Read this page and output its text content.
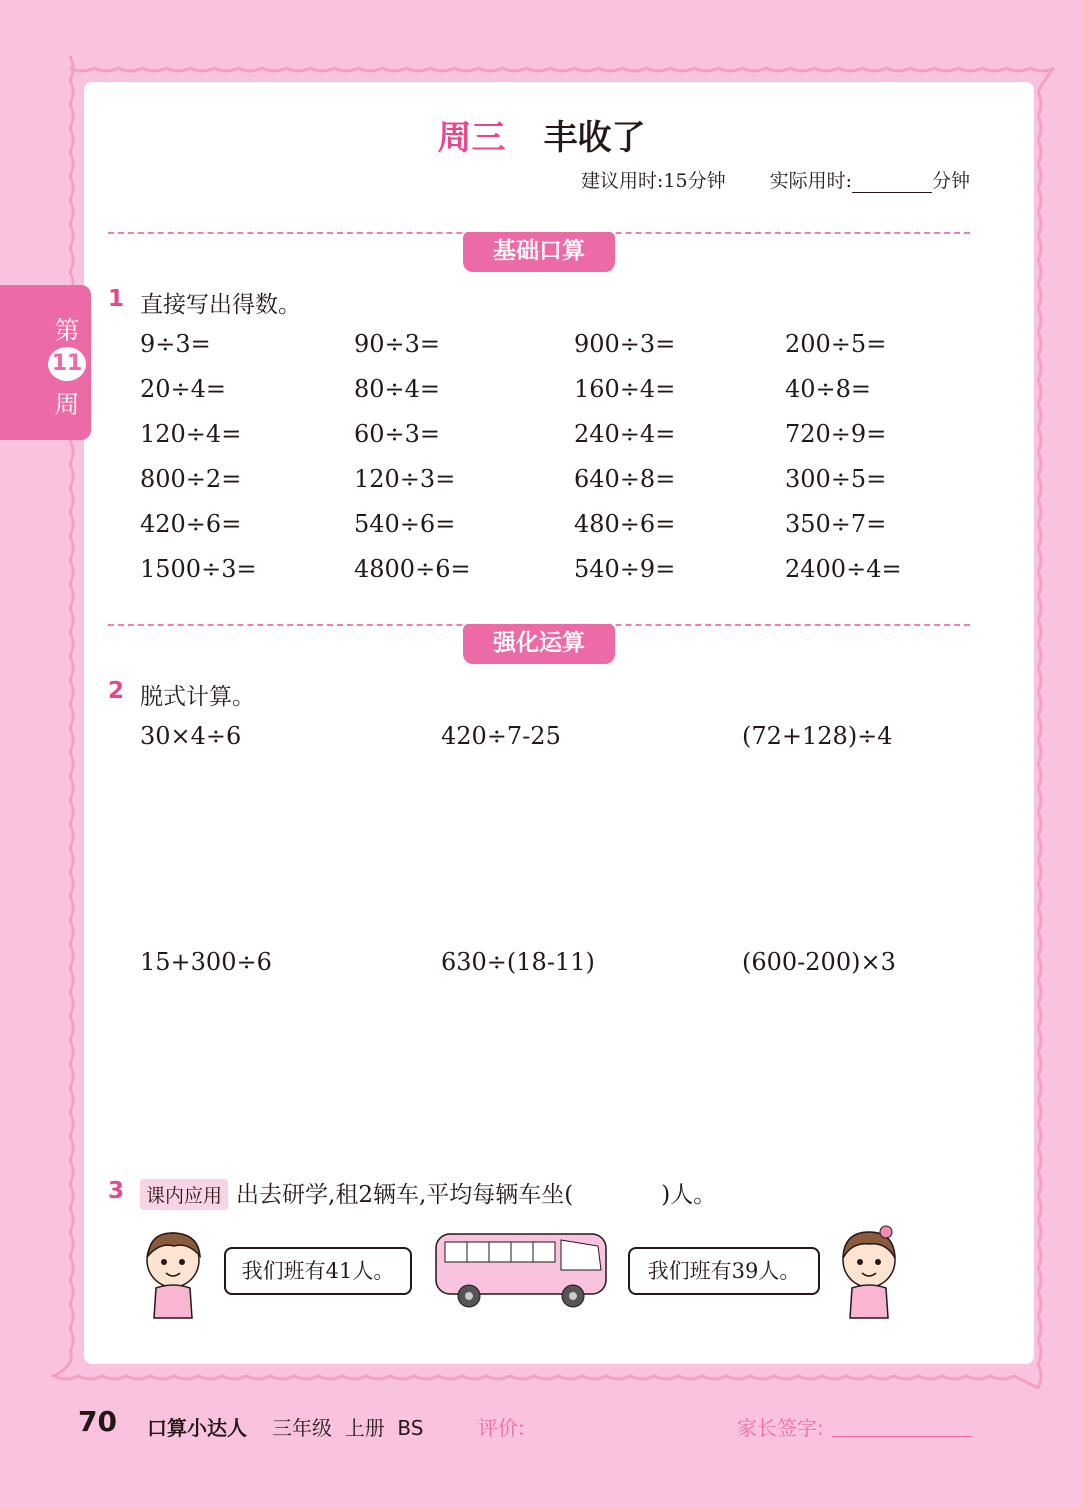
第
11
周
周三 丰收了
建议用时:15分钟 实际用时:	分钟
基础口算
1 直接写出得数。
9÷3=	90÷3=	900÷3=	200÷5=
20÷4=	80÷4=	160÷4=	40÷8=
120÷4=	60÷3=	240÷4=	720÷9=
800÷2=	120÷3=	640÷8=	300÷5=
420÷6=	540÷6=	480÷6=	350÷7=
1500÷3=	4800÷6=	540÷9=	2400÷4=
强化运算
2 脱式计算。
30×4÷6	420÷7-25	(72+128)÷4
15+300÷6	630÷(18-11)	(600-200)×3
3	课内应用 出去研学,租2辆车,平均每辆车坐(	)人。
我们班有41人。	我们班有39人。
70 口算小达人 三年级  上册  BS	评价: ★★★★★	家长签字:
